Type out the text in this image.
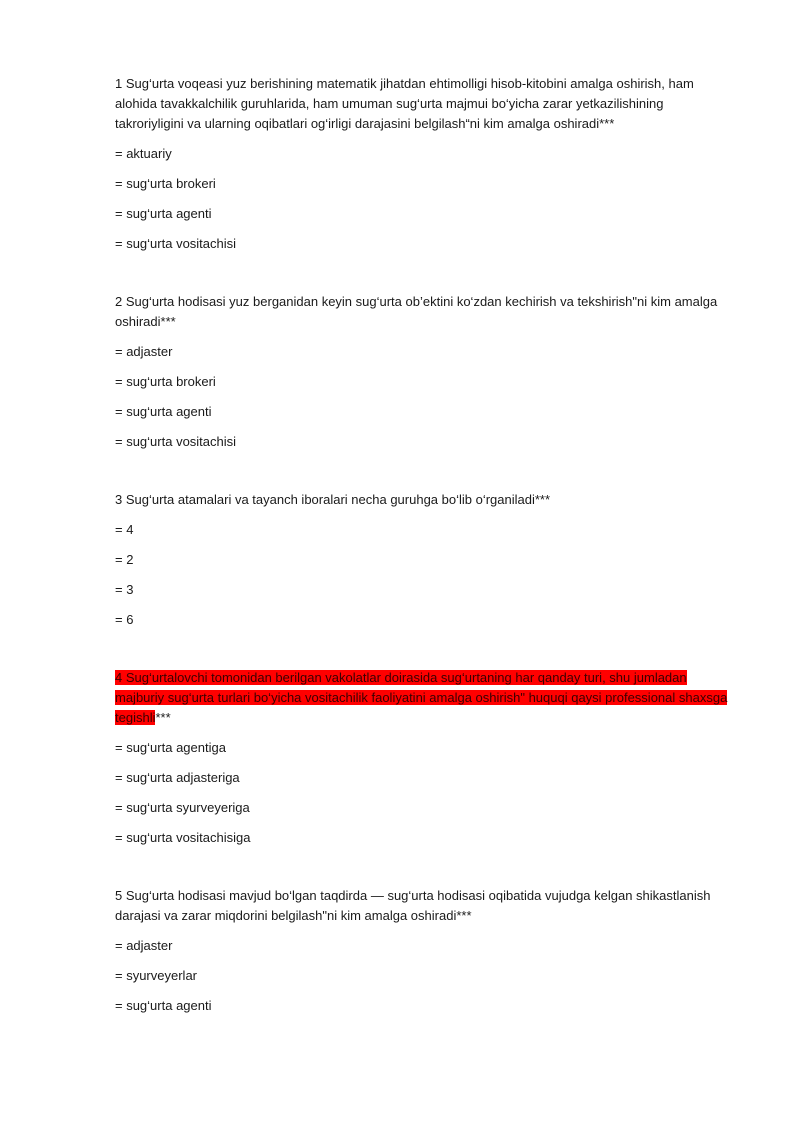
1 Sug‘urta voqeasi yuz berishining matematik jihatdan ehtimolligi hisob-kitobini amalga oshirish, ham alohida tavakkalchilik guruhlarida, ham umuman sug‘urta majmui bo‘yicha zarar yetkazilishining takroriyligini va ularning oqibatlari og‘irligi darajasini belgilash“ni kim amalga oshiradi***

= aktuariy

= sug‘urta brokeri

= sug‘urta agenti

= sug‘urta vositachisi

2 Sug‘urta hodisasi yuz berganidan keyin sug‘urta ob’ektini ko‘zdan kechirish va tekshirish"ni kim amalga oshiradi***

= adjaster

= sug‘urta brokeri

= sug‘urta agenti

= sug‘urta vositachisi

3 Sug‘urta atamalari va tayanch iboralari necha guruhga bo‘lib o‘rganiladi***

= 4

= 2

= 3

= 6

4 Sug‘urtalovchi tomonidan berilgan vakolatlar doirasida sug‘urtaning har qanday turi, shu jumladan majburiy sug‘urta turlari bo‘yicha vositachilik faoliyatini amalga oshirish" huquqi qaysi professional shaxsga tegishli***

= sug‘urta agentiga

= sug‘urta adjasteriga

= sug‘urta syurveyeriga

= sug‘urta vositachisiga

5 Sug‘urta hodisasi mavjud bo‘lgan taqdirda — sug‘urta hodisasi oqibatida vujudga kelgan shikastlanish darajasi va zarar miqdorini belgilash"ni kim amalga oshiradi***

= adjaster

= syurveyerlar

= sug‘urta agenti
